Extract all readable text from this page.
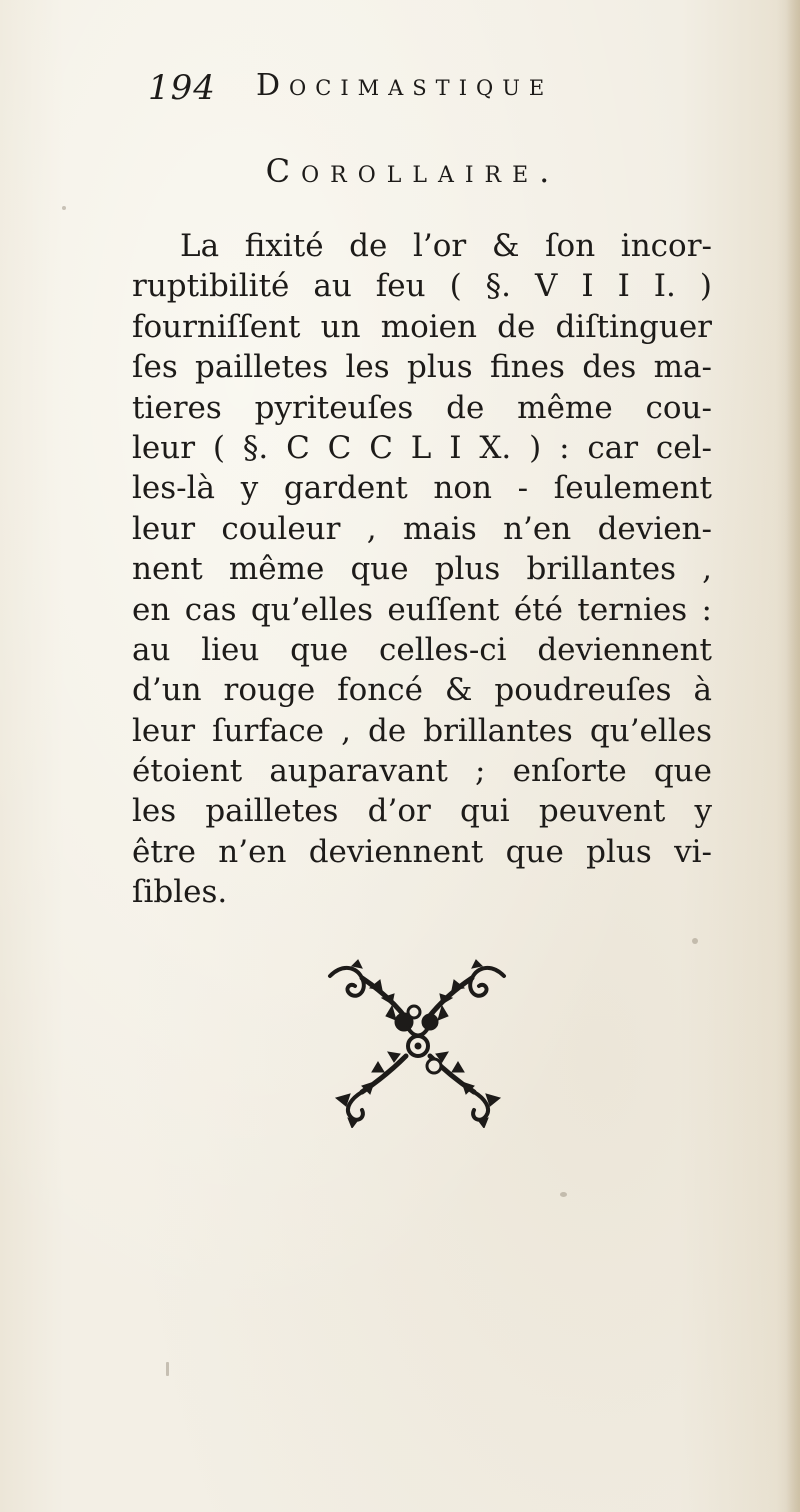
194 Docimastique
Corollaire.
La fixité de l’or & ſon incor-
ruptibilité au feu ( §. V I I I. )
fourniſſent un moien de diſtinguer
ſes pailletes les plus fines des ma-
tieres pyriteuſes de même cou-
leur ( §. C C C L I X. ) : car cel-
les-là y gardent non - ſeulement
leur couleur , mais n’en devien-
nent même que plus brillantes ,
en cas qu’elles euſſent été ternies :
au lieu que celles-ci deviennent
d’un rouge foncé & poudreuſes à
leur ſurface , de brillantes qu’elles
étoient auparavant ; enſorte que
les pailletes d’or qui peuvent y
être n’en deviennent que plus vi-
ſibles.
